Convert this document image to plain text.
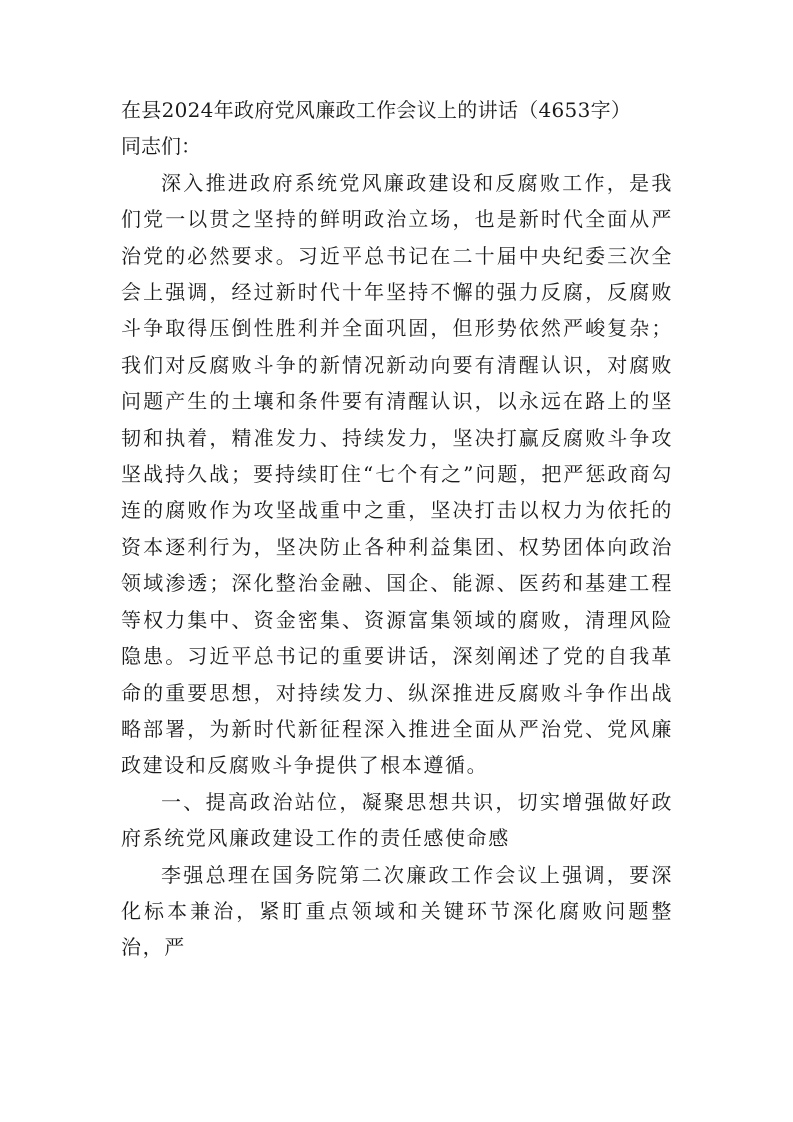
在县2024年政府党风廉政工作会议上的讲话（4653字）

同志们：

深入推进政府系统党风廉政建设和反腐败工作，是我们党一以贯之坚持的鲜明政治立场，也是新时代全面从严治党的必然要求。习近平总书记在二十届中央纪委三次全会上强调，经过新时代十年坚持不懈的强力反腐，反腐败斗争取得压倒性胜利并全面巩固，但形势依然严峻复杂；我们对反腐败斗争的新情况新动向要有清醒认识，对腐败问题产生的土壤和条件要有清醒认识，以永远在路上的坚韧和执着，精准发力、持续发力，坚决打赢反腐败斗争攻坚战持久战；要持续盯住“七个有之”问题，把严惩政商勾连的腐败作为攻坚战重中之重，坚决打击以权力为依托的资本逐利行为，坚决防止各种利益集团、权势团体向政治领域渗透；深化整治金融、国企、能源、医药和基建工程等权力集中、资金密集、资源富集领域的腐败，清理风险隐患。习近平总书记的重要讲话，深刻阐述了党的自我革命的重要思想，对持续发力、纵深推进反腐败斗争作出战略部署，为新时代新征程深入推进全面从严治党、党风廉政建设和反腐败斗争提供了根本遵循。

一、提高政治站位，凝聚思想共识，切实增强做好政府系统党风廉政建设工作的责任感使命感

李强总理在国务院第二次廉政工作会议上强调，要深化标本兼治，紧盯重点领域和关键环节深化腐败问题整治，严
